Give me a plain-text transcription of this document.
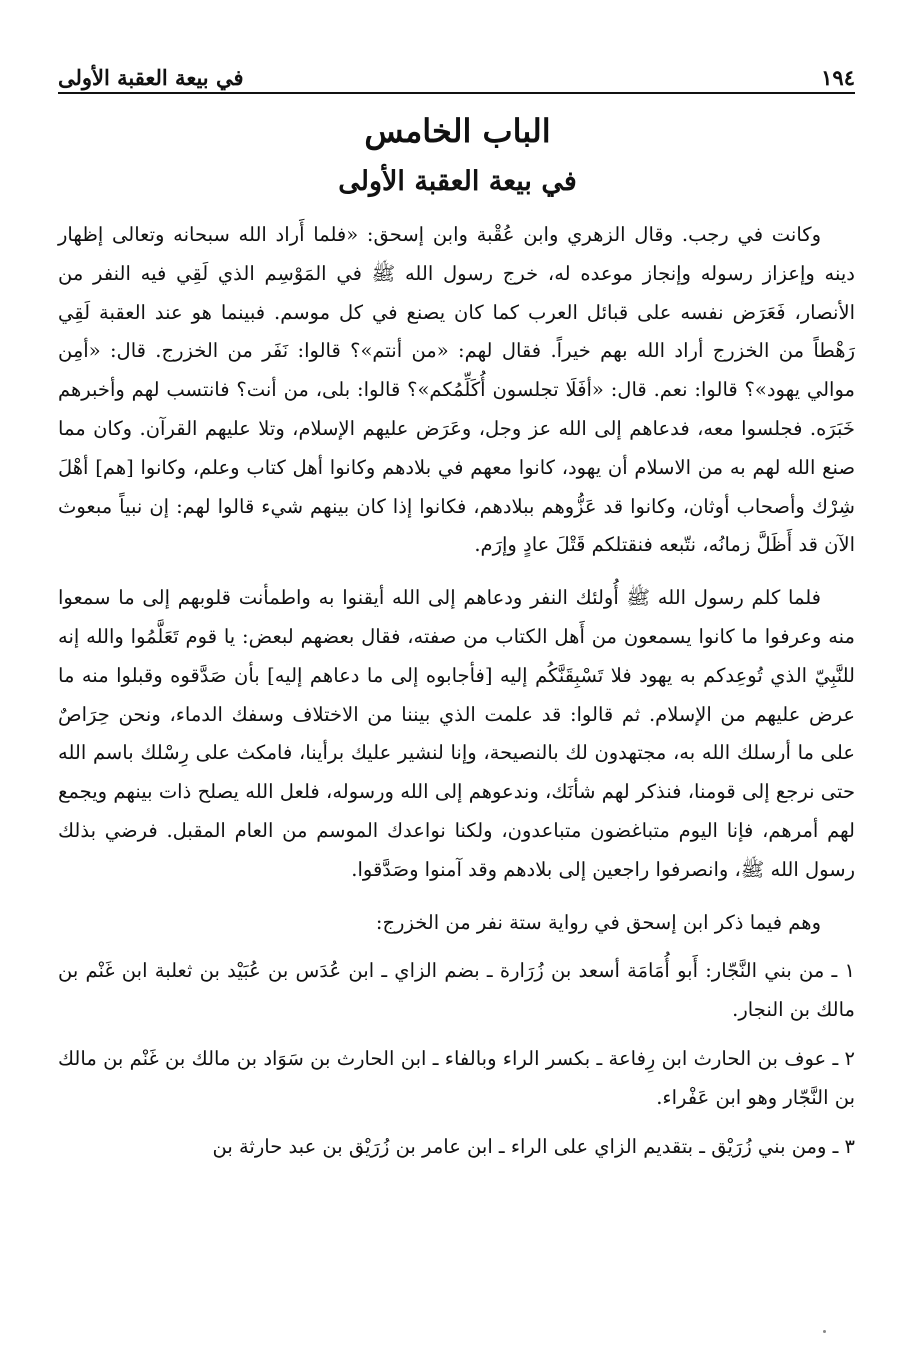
١٩٤
في بيعة العقبة الأولى
الباب الخامس
في بيعة العقبة الأولى

وكانت في رجب. وقال الزهري وابن عُقْبة وابن إسحق: «فلما أَراد الله سبحانه وتعالى إظهار دينه وإعزاز رسوله وإنجاز موعده له، خرج رسول الله ﷺ في المَوْسِم الذي لَقِي فيه النفر من الأنصار، فَعَرَض نفسه على قبائل العرب كما كان يصنع في كل موسم. فبينما هو عند العقبة لَقِي رَهْطاً من الخزرج أراد الله بهم خيراً. فقال لهم: «من أنتم»؟ قالوا: نَفَر من الخزرج. قال: «أمِن موالي يهود»؟ قالوا: نعم. قال: «أفَلَا تجلسون أُكَلِّمُكم»؟ قالوا: بلى، من أنت؟ فانتسب لهم وأخبرهم خَبَرَه. فجلسوا معه، فدعاهم إلى الله عز وجل، وعَرَض عليهم الإسلام، وتلا عليهم القرآن. وكان مما صنع الله لهم به من الاسلام أن يهود، كانوا معهم في بلادهم وكانوا أهل كتاب وعلم، وكانوا [هم] أهْلَ شِرْك وأصحاب أوثان، وكانوا قد عَزُّوهم ببلادهم، فكانوا إذا كان بينهم شيء قالوا لهم: إن نبياً مبعوث الآن قد أَظَلَّ زمانُه، نتّبعه فنقتلكم قَتْلَ عادٍ وإرَم.

فلما كلم رسول الله ﷺ أُولئك النفر ودعاهم إلى الله أيقنوا به واطمأنت قلوبهم إلى ما سمعوا منه وعرفوا ما كانوا يسمعون من أَهل الكتاب من صفته، فقال بعضهم لبعض: يا قوم تَعَلَّمُوا والله إنه للنَّبِيّ الذي تُوعِدكم به يهود فلا تَسْبِقَنَّكُم إليه [فأجابوه إلى ما دعاهم إليه] بأن صَدَّقوه وقبلوا منه ما عرض عليهم من الإسلام. ثم قالوا: قد علمت الذي بيننا من الاختلاف وسفك الدماء، ونحن حِرَاصٌ على ما أرسلك الله به، مجتهدون لك بالنصيحة، وإنا لنشير عليك برأينا، فامكث على رِسْلك باسم الله حتى نرجع إلى قومنا، فنذكر لهم شأنَك، وندعوهم إلى الله ورسوله، فلعل الله يصلح ذات بينهم ويجمع لهم أمرهم، فإنا اليوم متباغضون متباعدون، ولكنا نواعدك الموسم من العام المقبل. فرضي بذلك رسول الله ﷺ، وانصرفوا راجعين إلى بلادهم وقد آمنوا وصَدَّقوا.

وهم فيما ذكر ابن إسحق في رواية ستة نفر من الخزرج:

١ ـ من بني النَّجّار: أَبو أُمَامَة أسعد بن زُرَارة ـ بضم الزاي ـ ابن عُدَس بن عُبَيْد بن ثعلبة ابن غَنْم بن مالك بن النجار.

٢ ـ عوف بن الحارث ابن رِفاعة ـ بكسر الراء وبالفاء ـ ابن الحارث بن سَوَاد بن مالك بن غَنْم بن مالك بن النَّجّار وهو ابن عَفْراء.

٣ ـ ومن بني زُرَيْق ـ بتقديم الزاي على الراء ـ ابن عامر بن زُرَيْق بن عبد حارثة بن
